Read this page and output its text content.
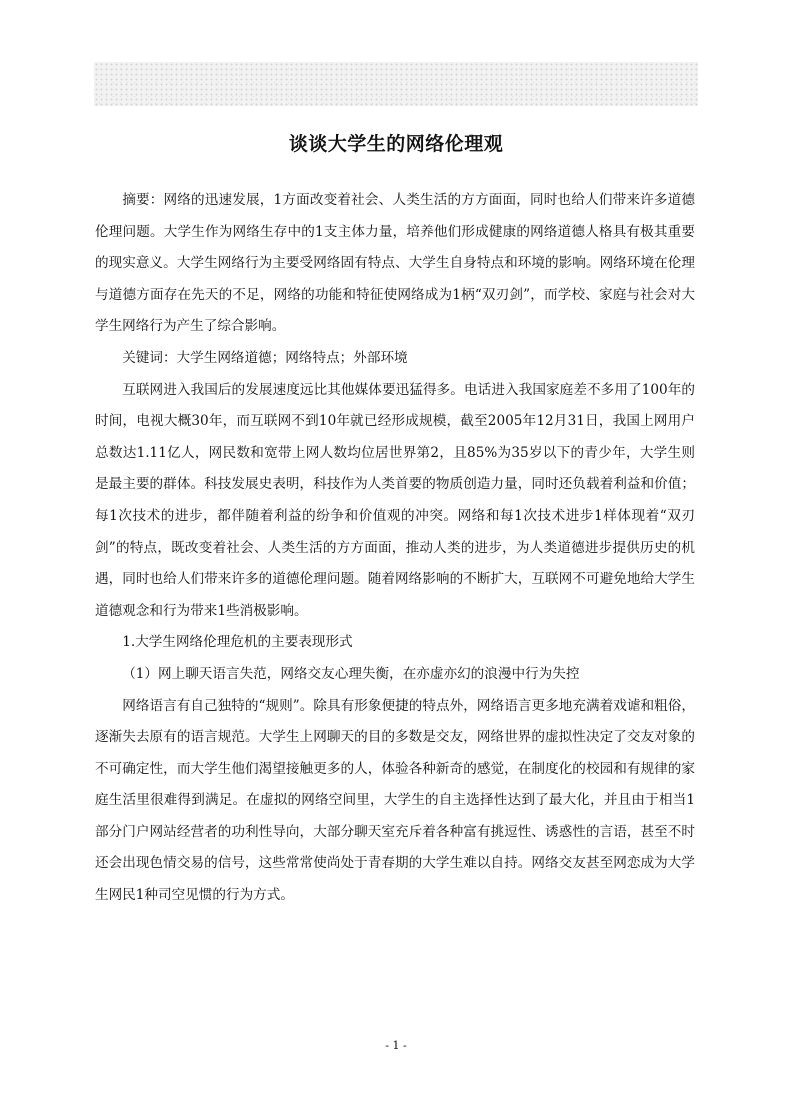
谈谈大学生的网络伦理观

摘要：网络的迅速发展，1方面改变着社会、人类生活的方方面面，同时也给人们带来许多道德伦理问题。大学生作为网络生存中的1支主体力量，培养他们形成健康的网络道德人格具有极其重要的现实意义。大学生网络行为主要受网络固有特点、大学生自身特点和环境的影响。网络环境在伦理与道德方面存在先天的不足，网络的功能和特征使网络成为1柄“双刃剑”，而学校、家庭与社会对大学生网络行为产生了综合影响。

关键词：大学生网络道德；网络特点；外部环境

互联网进入我国后的发展速度远比其他媒体要迅猛得多。电话进入我国家庭差不多用了100年的时间，电视大概30年，而互联网不到10年就已经形成规模，截至2005年12月31日，我国上网用户总数达1.11亿人，网民数和宽带上网人数均位居世界第2，且85%为35岁以下的青少年，大学生则是最主要的群体。科技发展史表明，科技作为人类首要的物质创造力量，同时还负载着利益和价值；每1次技术的进步，都伴随着利益的纷争和价值观的冲突。网络和每1次技术进步1样体现着“双刃剑”的特点，既改变着社会、人类生活的方方面面，推动人类的进步，为人类道德进步提供历史的机遇，同时也给人们带来许多的道德伦理问题。随着网络影响的不断扩大，互联网不可避免地给大学生道德观念和行为带来1些消极影响。

1.大学生网络伦理危机的主要表现形式

（1）网上聊天语言失范，网络交友心理失衡，在亦虚亦幻的浪漫中行为失控

网络语言有自己独特的“规则”。除具有形象便捷的特点外，网络语言更多地充满着戏谑和粗俗，逐渐失去原有的语言规范。大学生上网聊天的目的多数是交友，网络世界的虚拟性决定了交友对象的不可确定性，而大学生他们渴望接触更多的人，体验各种新奇的感觉，在制度化的校园和有规律的家庭生活里很难得到满足。在虚拟的网络空间里，大学生的自主选择性达到了最大化，并且由于相当1部分门户网站经营者的功利性导向，大部分聊天室充斥着各种富有挑逗性、诱惑性的言语，甚至不时还会出现色情交易的信号，这些常常使尚处于青春期的大学生难以自持。网络交友甚至网恋成为大学生网民1种司空见惯的行为方式。

- 1 -
